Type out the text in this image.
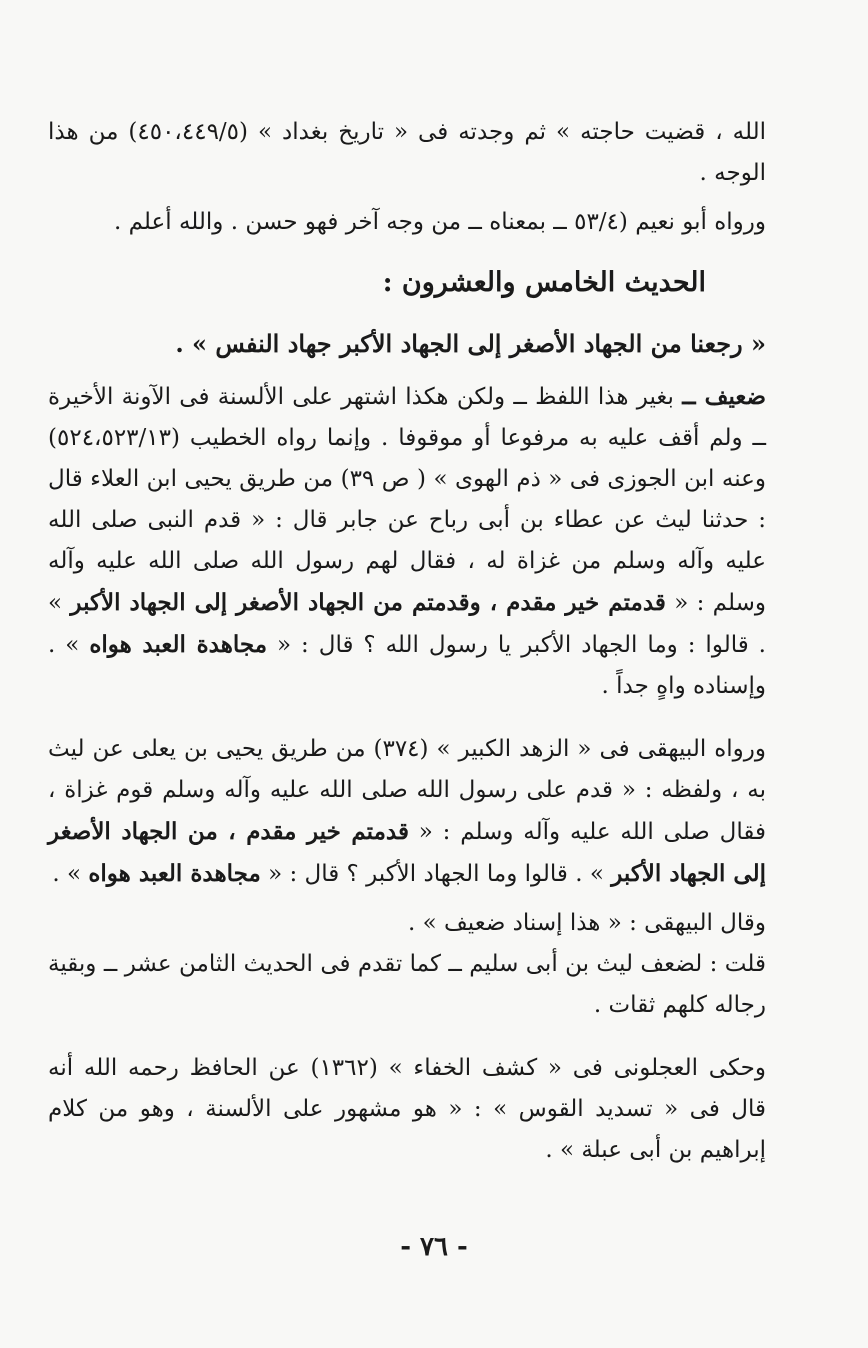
الله ، قضيت حاجته » ثم وجدته فى « تاريخ بغداد » (٤٥٠،٤٤٩/٥) من هذا الوجه .

ورواه أبو نعيم (٥٣/٤ ــ بمعناه ــ من وجه آخر فهو حسن . والله أعلم .

الحديث الخامس والعشرون :

« رجعنا من الجهاد الأصغر إلى الجهاد الأكبر جهاد النفس » .

ضعيف ــ بغير هذا اللفظ ــ ولكن هكذا اشتهر على الألسنة فى الآونة الأخيرة ــ ولم أقف عليه به مرفوعا أو موقوفا . وإنما رواه الخطيب (٥٢٤،٥٢٣/١٣) وعنه ابن الجوزى فى « ذم الهوى » ( ص ٣٩) من طريق يحيى ابن العلاء قال : حدثنا ليث عن عطاء بن أبى رباح عن جابر قال : « قدم النبى صلى الله عليه وآله وسلم من غزاة له ، فقال لهم رسول الله صلى الله عليه وآله وسلم : « قدمتم خير مقدم ، وقدمتم من الجهاد الأصغر إلى الجهاد الأكبر » . قالوا : وما الجهاد الأكبر يا رسول الله ؟ قال : « مجاهدة العبد هواه » . وإسناده واهٍ جداً .

ورواه البيهقى فى « الزهد الكبير » (٣٧٤) من طريق يحيى بن يعلى عن ليث به ، ولفظه : « قدم على رسول الله صلى الله عليه وآله وسلم قوم غزاة ، فقال صلى الله عليه وآله وسلم : « قدمتم خير مقدم ، من الجهاد الأصغر إلى الجهاد الأكبر » . قالوا وما الجهاد الأكبر ؟ قال : « مجاهدة العبد هواه » .

وقال البيهقى : « هذا إسناد ضعيف » .

قلت : لضعف ليث بن أبى سليم ــ كما تقدم فى الحديث الثامن عشر ــ وبقية رجاله كلهم ثقات .

وحكى العجلونى فى « كشف الخفاء » (١٣٦٢) عن الحافظ رحمه الله أنه قال فى « تسديد القوس » : « هو مشهور على الألسنة ، وهو من كلام إبراهيم بن أبى عبلة » .

- ٧٦ -
